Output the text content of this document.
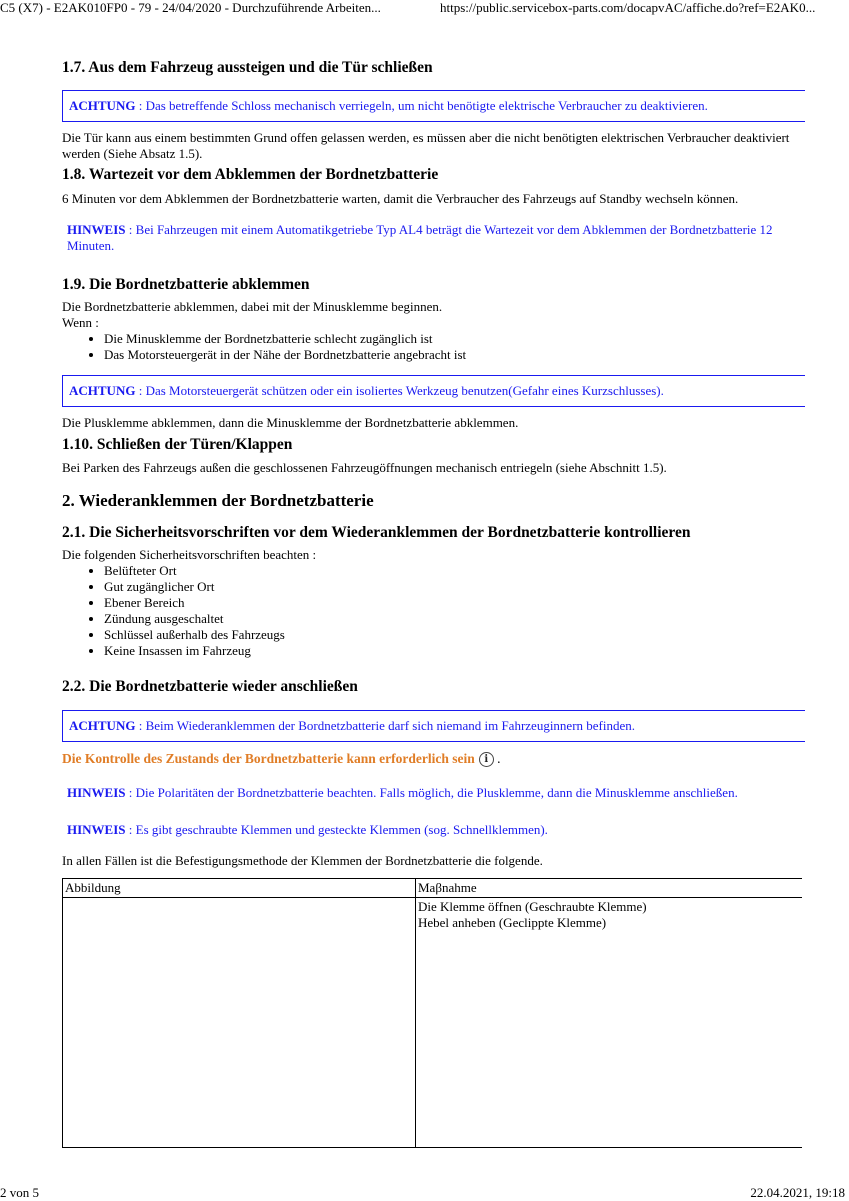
C5 (X7) - E2AK010FP0 - 79 - 24/04/2020 - Durchzuführende Arbeiten...	https://public.servicebox-parts.com/docapvAC/affiche.do?ref=E2AK0...
1.7. Aus dem Fahrzeug aussteigen und die Tür schließen
ACHTUNG : Das betreffende Schloss mechanisch verriegeln, um nicht benötigte elektrische Verbraucher zu deaktivieren.

Die Tür kann aus einem bestimmten Grund offen gelassen werden, es müssen aber die nicht benötigten elektrischen Verbraucher deaktiviert werden (Siehe Absatz 1.5).

1.8. Wartezeit vor dem Abklemmen der Bordnetzbatterie

6 Minuten vor dem Abklemmen der Bordnetzbatterie warten, damit die Verbraucher des Fahrzeugs auf Standby wechseln können.

HINWEIS : Bei Fahrzeugen mit einem Automatikgetriebe Typ AL4 beträgt die Wartezeit vor dem Abklemmen der Bordnetzbatterie 12 Minuten.
1.9. Die Bordnetzbatterie abklemmen

Die Bordnetzbatterie abklemmen, dabei mit der Minusklemme beginnen.

Wenn :

• Die Minusklemme der Bordnetzbatterie schlecht zugänglich ist
• Das Motorsteuergerät in der Nähe der Bordnetzbatterie angebracht ist
ACHTUNG : Das Motorsteuergerät schützen oder ein isoliertes Werkzeug benutzen(Gefahr eines Kurzschlusses).

Die Plusklemme abklemmen, dann die Minusklemme der Bordnetzbatterie abklemmen.

1.10. Schließen der Türen/Klappen

Bei Parken des Fahrzeugs außen die geschlossenen Fahrzeugöffnungen mechanisch entriegeln (siehe Abschnitt 1.5).

2. Wiederanklemmen der Bordnetzbatterie
2.1. Die Sicherheitsvorschriften vor dem Wiederanklemmen der Bordnetzbatterie kontrollieren

Die folgenden Sicherheitsvorschriften beachten :

• Belüfteter Ort
• Gut zugänglicher Ort
• Ebener Bereich
• Zündung ausgeschaltet
• Schlüssel außerhalb des Fahrzeugs
• Keine Insassen im Fahrzeug
2.2. Die Bordnetzbatterie wieder anschließen
ACHTUNG : Beim Wiederanklemmen der Bordnetzbatterie darf sich niemand im Fahrzeuginnern befinden.
Die Kontrolle des Zustands der Bordnetzbatterie kann erforderlich sein i .
HINWEIS : Die Polaritäten der Bordnetzbatterie beachten. Falls möglich, die Plusklemme, dann die Minusklemme anschließen.
HINWEIS : Es gibt geschraubte Klemmen und gesteckte Klemmen (sog. Schnellklemmen).

In allen Fällen ist die Befestigungsmethode der Klemmen der Bordnetzbatterie die folgende.

Abbildung	Maβnahme

	Die Klemme öffnen (Geschraubte Klemme)
Hebel anheben (Geclippte Klemme)
2 von 5	22.04.2021, 19:18
